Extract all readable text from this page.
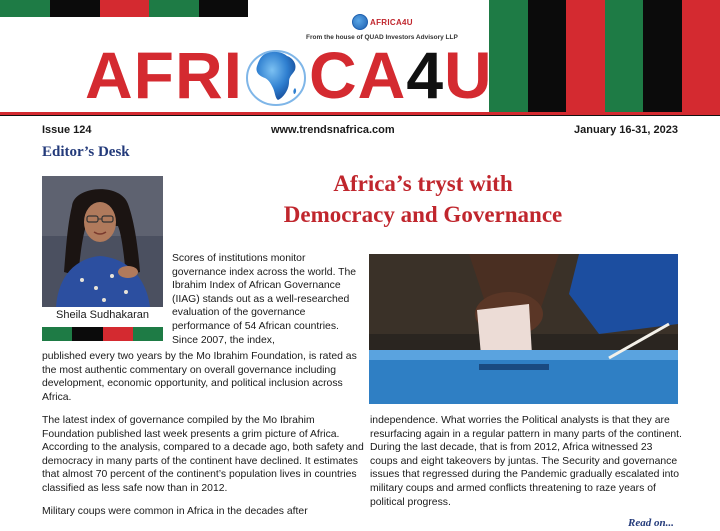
AFRICA4U
From the house of QUAD Investors Advisory LLP
AFRI CA 4 U
Issue 124	www.trendsnafrica.com	January 16-31, 2023
Editor’s Desk
Africa’s tryst with
Democracy and Governance
Sheila Sudhakaran
Scores of institutions monitor governance index across the world. The Ibrahim Index of African Governance (IIAG) stands out as a well-researched evaluation of the governance performance of 54 African countries. Since 2007, the index,
published every two years by the Mo Ibrahim Foundation, is rated as the most authentic commentary on overall governance including development, economic opportunity, and political inclusion across Africa.
The latest index of governance compiled by the Mo Ibrahim Foundation published last week presents a grim picture of Africa. According to the analysis, compared to a decade ago, both safety and democracy in many parts of the continent have declined. It estimates that almost 70 percent of the continent’s population lives in countries classified as less safe now than in 2012.
Military coups were common in Africa in the decades after
independence. What worries the Political analysts is that they are resurfacing again in a regular pattern in many parts of the continent. During the last decade, that is from 2012, Africa witnessed 23 coups and eight takeovers by juntas. The Security and governance issues that regressed during the Pandemic gradually escalated into military coups and armed conflicts threatening to raze years of political progress.
Read on...
